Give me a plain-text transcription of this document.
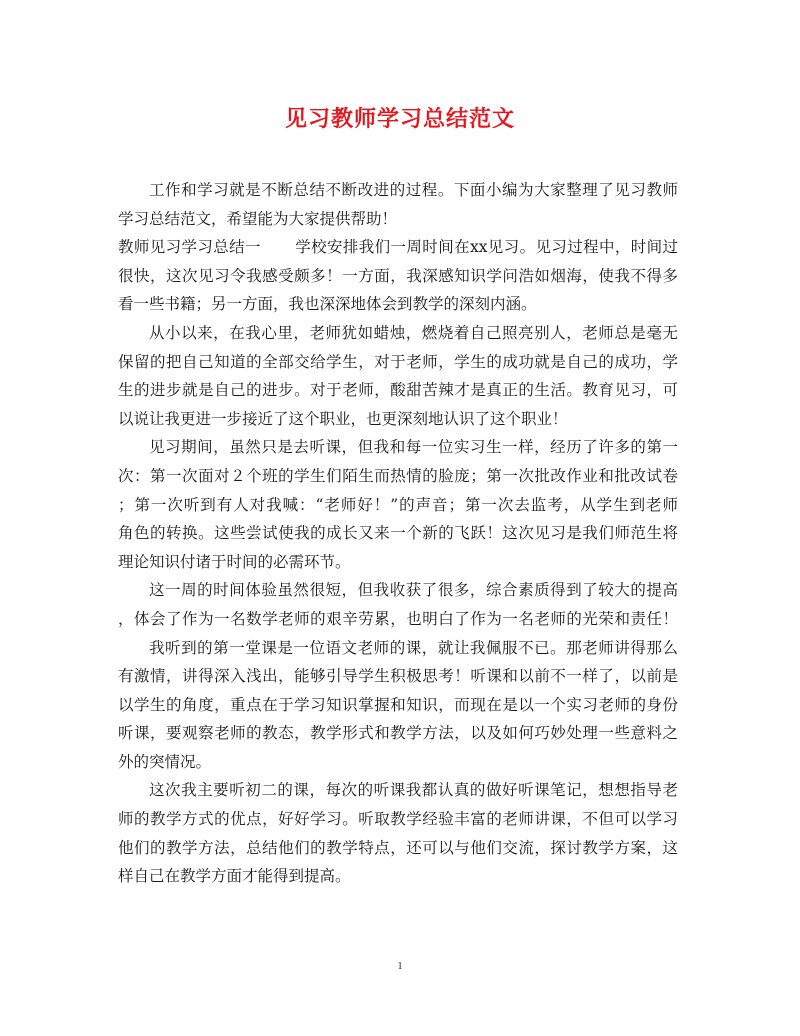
见习教师学习总结范文
工作和学习就是不断总结不断改进的过程。下面小编为大家整理了见习教师
学习总结范文，希望能为大家提供帮助！
教师见习学习总结一 学校安排我们一周时间在xx见习。见习过程中，时间过
很快，这次见习令我感受颇多！一方面，我深感知识学问浩如烟海，使我不得多
看一些书籍；另一方面，我也深深地体会到教学的深刻内涵。
从小以来，在我心里，老师犹如蜡烛，燃烧着自己照亮别人，老师总是毫无
保留的把自己知道的全部交给学生，对于老师，学生的成功就是自己的成功，学
生的进步就是自己的进步。对于老师，酸甜苦辣才是真正的生活。教育见习，可
以说让我更进一步接近了这个职业，也更深刻地认识了这个职业！
见习期间，虽然只是去听课，但我和每一位实习生一样，经历了许多的第一
次：第一次面对２个班的学生们陌生而热情的脸庞；第一次批改作业和批改试卷
；第一次听到有人对我喊：“老师好！”的声音；第一次去监考，从学生到老师
角色的转换。这些尝试使我的成长又来一个新的飞跃！这次见习是我们师范生将
理论知识付诸于时间的必需环节。
这一周的时间体验虽然很短，但我收获了很多，综合素质得到了较大的提高
，体会了作为一名数学老师的艰辛劳累，也明白了作为一名老师的光荣和责任！
我听到的第一堂课是一位语文老师的课，就让我佩服不已。那老师讲得那么
有激情，讲得深入浅出，能够引导学生积极思考！听课和以前不一样了，以前是
以学生的角度，重点在于学习知识掌握和知识，而现在是以一个实习老师的身份
听课，要观察老师的教态，教学形式和教学方法，以及如何巧妙处理一些意料之
外的突情况。
这次我主要听初二的课，每次的听课我都认真的做好听课笔记，想想指导老
师的教学方式的优点，好好学习。听取教学经验丰富的老师讲课，不但可以学习
他们的教学方法，总结他们的教学特点，还可以与他们交流，探讨教学方案，这
样自己在教学方面才能得到提高。
1
